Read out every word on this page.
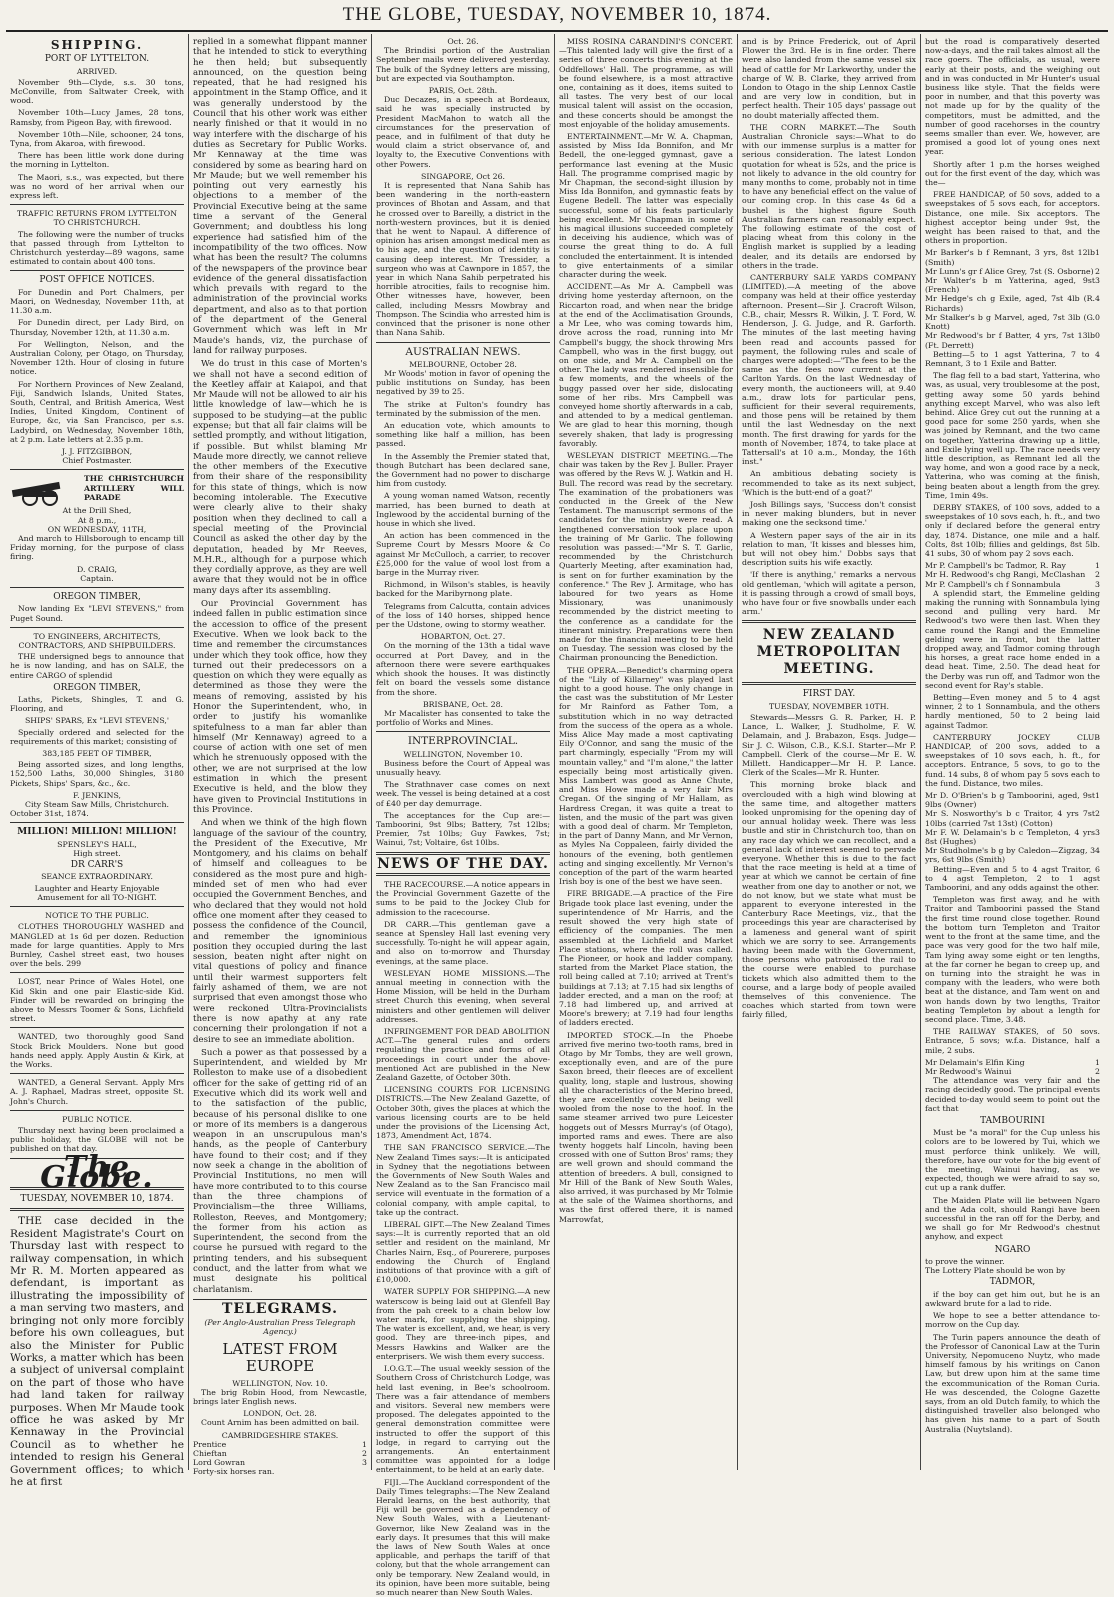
THE GLOBE, TUESDAY, NOVEMBER 10, 1874.
SHIPPING.
PORT OF LYTTELTON.
ARRIVED.

November 9th—Clyde, s.s. 30 tons, McConville, from Saltwater Creek, with wood.

November 10th—Lucy James, 28 tons, Ramsby, from Pigeon Bay, with firewood.

November 10th—Nile, schooner, 24 tons, Tyna, from Akaroa, with firewood.

There has been little work done during the morning in Lyttelton.

The Maori, s.s., was expected, but there was no word of her arrival when our express left.

TRAFFIC RETURNS FROM LYTTELTON TO CHRISTCHURCH.

The following were the number of trucks that passed through from Lyttelton to Christchurch yesterday—89 wagons, same estimated to contain about 400 tons.

POST OFFICE NOTICES.

For Dunedin and Port Chalmers, per Maori, on Wednesday, November 11th, at 11.30 a.m.

For Dunedin direct, per Lady Bird, on Thursday, November 12th, at 11.30 a.m.

For Wellington, Nelson, and the Australian Colony, per Otago, on Thursday, November 12th. Hour of closing in future notice.

For Northern Provinces of New Zealand, Fiji, Sandwich Islands, United States, South, Central, and British America, West Indies, United Kingdom, Continent of Europe, &c, via San Francisco, per s.s. Ladybird, on Wednesday, November 18th, at 2 p.m. Late letters at 2.35 p.m.

J. J. FITZGIBBON,
Chief Postmaster.
THE CHRISTCHURCH ARTILLERY WILL PARADE
At the Drill Shed,
At 8 p.m.,
ON WEDNESDAY, 11TH,

And march to Hillsborough to encamp till Friday morning, for the purpose of class firing.

D. CRAIG,
Captain.
OREGON TIMBER,

Now landing Ex "LEVI STEVENS," from Puget Sound.

TO ENGINEERS, ARCHITECTS, CONTRACTORS, AND SHIPBUILDERS.

THE undersigned begs to announce that he is now landing, and has on SALE, the entire CARGO of splendid

OREGON TIMBER,

Laths, Pickets, Shingles, T. and G. Flooring, and

SHIPS' SPARS, Ex "LEVI STEVENS,'

Specially ordered and selected for the requirements of this market; consisting of

383,185 FEET OF TIMBER,

Being assorted sizes, and long lengths, 152,500 Laths, 30,000 Shingles, 3180 Pickets, Ships' Spars, &c., &c.

F. JENKINS,
City Steam Saw Mills, Christchurch.
October 31st, 1874.
MILLION! MILLION! MILLION!
SPENSLEY'S HALL,
High street.
DR CARR'S
SEANCE EXTRAORDINARY.
Laughter and Hearty Enjoyable Amusement for all TO-NIGHT.
NOTICE TO THE PUBLIC.

CLOTHES THOROUGHLY WASHED and MANGLED at 1s 6d per dozen. Reduction made for large quantities. Apply to Mrs Burnley, Cashel street east, two houses over the bels. 299

LOST, near Prince of Wales Hotel, one Kid Skin and one pair Elastic-side Kid. Finder will be rewarded on bringing the above to Messrs Toomer & Sons, Lichfield street.

WANTED, two thoroughly good Sand Stock Brick Moulders. None but good hands need apply. Apply Austin & Kirk, at the Works.

WANTED, a General Servant. Apply Mrs A. J. Raphael, Madras street, opposite St. John's Church.

PUBLIC NOTICE.

Thursday next having been proclaimed a public holiday, the GLOBE will not be published on that day.

The Globe.
TUESDAY, NOVEMBER 10, 1874.

THE case decided in the Resident Magistrate's Court on Thursday last with respect to railway compensation, in which Mr R. M. Morten appeared as defendant, is important as illustrating the impossibility of a man serving two masters, and bringing not only more forcibly before his own colleagues, but also the Minister for Public Works, a matter which has been a subject of universal complaint on the part of those who have had land taken for railway purposes. When Mr Maude took office he was asked by Mr Kennaway in the Provincial Council as to whether he intended to resign his General Government offices; to which he at first

replied in a somewhat flippant manner that he intended to stick to everything he then held; but subsequently announced, on the question being repeated, that he had resigned his appointment in the Stamp Office, and it was generally understood by the Council that his other work was either nearly finished or that it would in no way interfere with the discharge of his duties as Secretary for Public Works. Mr Kennaway at the time was considered by some as bearing hard on Mr Maude; but we well remember his pointing out very earnestly his objections to a member of the Provincial Executive being at the same time a servant of the General Government; and doubtless his long experience had satisfied him of the incompatibility of the two offices. Now what has been the result? The columns of the newspapers of the province bear evidence of the general dissatisfaction which prevails with regard to the administration of the provincial works department, and also as to that portion of the department of the General Government which was left in Mr Maude's hands, viz, the purchase of land for railway purposes.

We do trust in this case of Morten's we shall not have a second edition of the Keetley affair at Kaiapoi, and that Mr Maude will not be allowed to air his little knowledge of law—which he is supposed to be studying—at the public expense; but that all fair claims will be settled promptly, and without litigation, if possible. But whilst blaming Mr Maude more directly, we cannot relieve the other members of the Executive from their share of the responsibility for this state of things, which is now becoming intolerable. The Executive were clearly alive to their shaky position when they declined to call a special meeting of the Provincial Council as asked the other day by the deputation, headed by Mr Reeves, M.H.R., although for a purpose which they cordially approve, as they are well aware that they would not be in office many days after its assembling.

Our Provincial Government has indeed fallen in public estimation since the accession to office of the present Executive. When we look back to the time and remember the circumstances under which they took office, how they turned out their predecessors on a question on which they were equally as determined as those they were the means of removing, assisted by his Honor the Superintendent, who, in order to justify his womanlike spitefulness to a man far abler than himself (Mr Kennaway) agreed to a course of action with one set of men which he strenuously opposed with the other, we are not surprised at the low estimation in which the present Executive is held, and the blow they have given to Provincial Institutions in this Province.

And when we think of the high flown language of the saviour of the country, the President of the Executive, Mr Montgomery, and his claims on behalf of himself and colleagues to be considered as the most pure and high-minded set of men who had ever occupied the Government Benches, and who declared that they would not hold office one moment after they ceased to possess the confidence of the Council, and remember the ignominious position they occupied during the last session, beaten night after night on vital questions of policy and finance until their warmest supporters felt fairly ashamed of them, we are not surprised that even amongst those who were reckoned Ultra-Provincialists there is now apathy at any rate concerning their prolongation if not a desire to see an immediate abolition.

Such a power as that possessed by a Superintendent, and wielded by Mr Rolleston to make use of a disobedient officer for the sake of getting rid of an Executive which did its work well and to the satisfaction of the public, because of his personal dislike to one or more of its members is a dangerous weapon in an unscrupulous man's hands, as the people of Canterbury have found to their cost; and if they now seek a change in the abolition of Provincial Institutions, no men will have more contributed to to this course than the three champions of Provincialism—the three Williams, Rolleston, Reeves, and Montgomery; the former from his action as Superintendent, the second from the course he pursued with regard to the printing tenders, and his subsequent conduct, and the latter from what we must designate his political charlatanism.

TELEGRAMS.
(Per Anglo-Australian Press Telegraph Agency.)
LATEST FROM EUROPE
WELLINGTON, Nov. 10.

The brig Robin Hood, from Newcastle, brings later English news.

LONDON, Oct. 28.

Count Arnim has been admitted on bail.

CAMBRIDGESHIRE STAKES.
Prentice	1
Chieftan	2
Lord Gowran	3
Forty-six horses ran.
Oct. 26.

The Brindisi portion of the Australian September mails were delivered yesterday. The bulk of the Sydney letters are missing, but are expected via Southampton.

PARIS, Oct. 28th.

Duc Decazes, in a speech at Bordeaux, said he was specially instructed by President MacMahon to watch all the circumstances for the preservation of peace, and in fulfilment of that duty he would claim a strict observance of, and loyalty to, the Executive Conventions with other Powers.

SINGAPORE, Oct 26.

It is represented that Nana Sahib has been wandering in the north-eastern provinces of Bhotan and Assam, and that he crossed over to Bareilly, a district in the north-western provinces, but it is denied that he went to Napaul. A difference of opinion has arisen amongst medical men as to his age, and the question of identity is causing deep interest. Mr Tressider, a surgeon who was at Cawnpore in 1857, the year in which Nana Sahib perpetrated his horrible atrocities, fails to recognise him. Other witnesses have, however, been called, including Messrs Mowbray and Thompson. The Scindia who arrested him is convinced that the prisoner is none other than Nana Sahib.

AUSTRALIAN NEWS.
MELBOURNE, October 28.

Mr Woods' motion in favor of opening the public institutions on Sunday, has been negatived by 39 to 25.

The strike at Fulton's foundry has terminated by the submission of the men.

An education vote, which amounts to something like half a million, has been passed.

In the Assembly the Premier stated that, though Butchart has been declared sane, the Government had no power to discharge him from custody.

A young woman named Watson, recently married, has been burned to death at Inglewood by the accidental burning of the house in which she lived.

An action has been commenced in the Supreme Court by Messrs Moore & Co against Mr McCulloch, a carrier, to recover £25,000 for the value of wool lost from a barge in the Murray river.

Richmond, in Wilson's stables, is heavily backed for the Maribyrnong plate.

Telegrams from Calcutta, contain advices of the loss of 140 horses, shipped hence per the Udstone, owing to stormy weather.

HOBARTON, Oct. 27.

On the morning of the 13th a tidal wave occurred at Port Davey, and in the afternoon there were severe earthquakes which shook the houses. It was distinctly felt on board the vessels some distance from the shore.

BRISBANE, Oct. 28.

Mr Macalister has consented to take the portfolio of Works and Mines.

INTERPROVINCIAL.
WELLINGTON, November 10.

Business before the Court of Appeal was unusually heavy.

The Strathnaver case comes on next week. The vessel is being detained at a cost of £40 per day demurrage.

The acceptances for the Cup are:—Tamboorini, 9st 9lbs; Battery, 7st 12lbs; Premier, 7st 10lbs; Guy Fawkes, 7st; Wainui, 7st; Voltaire, 6st 10lbs.

NEWS OF THE DAY.

THE RACECOURSE.—A notice appears in the Provincial Government Gazette of the sums to be paid to the Jockey Club for admission to the racecourse.

DR CARR.—This gentleman gave a seance at Spensley Hall last evening very successfully. To-night he will appear again, and also on to-morrow and Thursday evenings, at the same place.

WESLEYAN HOME MISSIONS.—The annual meeting in connection with the Home Mission, will be held in the Durham street Church this evening, when several ministers and other gentlemen will deliver addresses.

INFRINGEMENT FOR DEAD ABOLITION ACT.—The general rules and orders regulating the practice and forms of all proceedings in court under the above-mentioned Act are published in the New Zealand Gazette, of October 30th.

LICENSING COURTS FOR LICENSING DISTRICTS.—The New Zealand Gazette, of October 30th, gives the places at which the various licensing courts are to be held under the provisions of the Licensing Act, 1873, Amendment Act, 1874.

THE SAN FRANCISCO SERVICE.—The New Zealand Times says:—It is anticipated in Sydney that the negotiations between the Governments of New South Wales and New Zealand as to the San Francisco mail service will eventuate in the formation of a colonial company, with ample capital, to take up the contract.

LIBERAL GIFT.—The New Zealand Times says:—It is currently reported that an old settler and resident on the mainland, Mr Charles Nairn, Esq., of Pourerere, purposes endowing the Church of England institutions of that province with a gift of £10,000.

WATER SUPPLY FOR SHIPPING.—A new waterscow is being laid out at Glenfell Bay from the pah creek to a chain below low water mark, for supplying the shipping. The water is excellent, and, we hear, is very good. They are three-inch pipes, and Messrs Hawkins and Walker are the enterprisers. We wish them every success.

I.O.G.T.—The usual weekly session of the Southern Cross of Christchurch Lodge, was held last evening, in Bee's schoolroom. There was a fair attendance of members and visitors. Several new members were proposed. The delegates appointed to the general demonstration committee were instructed to offer the support of this lodge, in regard to carrying out the arrangements. An entertainment committee was appointed for a lodge entertainment, to be held at an early date.

FIJI.—The Auckland correspondent of the Daily Times telegraphs:—The New Zealand Herald learns, on the best authority, that Fiji will be governed as a dependency of New South Wales, with a Lieutenant-Governor, like New Zealand was in the early days. It presumes that this will make the laws of New South Wales at once applicable, and perhaps the tariff of that colony, but that the whole arrangement can only be temporary. New Zealand would, in its opinion, have been more suitable, being so much nearer than New South Wales.

MISS ROSINA CARANDINI'S CONCERT.—This talented lady will give the first of a series of three concerts this evening at the Oddfellows' Hall. The programme, as will be found elsewhere, is a most attractive one, containing as it does, items suited to all tastes. The very best of our local musical talent will assist on the occasion, and these concerts should be amongst the most enjoyable of the holiday amusements.

ENTERTAINMENT.—Mr W. A. Chapman, assisted by Miss Ida Bonnifon, and Mr Bedell, the one-legged gymnast, gave a performance last evening at the Music Hall. The programme comprised magic by Mr Chapman, the second-sight illusion by Miss Ida Bonnifon, and gymnastic feats by Eugene Bedell. The latter was especially successful, some of his feats particularly being excellent. Mr Chapman in some of his magical illusions succeeded completely in deceiving his audience, which was of course the great thing to do. A full concluded the entertainment. It is intended to give entertainments of a similar character during the week.

ACCIDENT.—As Mr A. Campbell was driving home yesterday afternoon, on the Riccarton road, and when near the bridge at the end of the Acclimatisation Grounds, a Mr Lee, who was coming towards him, drove across the road, running into Mr Campbell's buggy, the shock throwing Mrs Campbell, who was in the first buggy, out on one side, and Mr A. Campbell on the other. The lady was rendered insensible for a few moments, and the wheels of the buggy passed over her side, dislocating some of her ribs. Mrs Campbell was conveyed home shortly afterwards in a cab, and attended to by a medical gentleman. We are glad to hear this morning, though severely shaken, that lady is progressing favorably.

WESLEYAN DISTRICT MEETING.—The chair was taken by the Rev J. Buller. Prayer was offered by the Revs W. J. Watkin and H. Bull. The record was read by the secretary. The examination of the probationers was conducted in the Greek of the New Testament. The manuscript sermons of the candidates for the ministry were read. A lengthened conversation took place upon the training of Mr Garlic. The following resolution was passed:—"Mr S. T. Garlic, recommended by the Christchurch Quarterly Meeting, after examination had, is sent on for further examination by the conference." The Rev J. Armitage, who has laboured for two years as Home Missionary, was unanimously recommended by the district meeting to the conference as a candidate for the itinerant ministry. Preparations were then made for the financial meeting to be held on Tuesday. The session was closed by the Chairman pronouncing the Benediction.

THE OPERA.—Benedict's charming opera of the "Lily of Killarney" was played last night to a good house. The only change in the cast was the substitution of Mr Lester for Mr Rainford as Father Tom, a substitution which in no way detracted from the success of the opera as a whole. Miss Alice May made a most captivating Eily O'Connor, and sang the music of the part charmingly, especially "From my will mountain valley," and "I'm alone," the latter especially being most artistically given. Miss Lambert was good as Anne Chute, and Miss Howe made a very fair Mrs Cregan. Of the singing of Mr Hallam, as Hardress Cregan, it was quite a treat to listen, and the music of the part was given with a good deal of charm. Mr Templeton, in the part of Danny Mann, and Mr Vernon, as Myles Na Coppaleen, fairly divided the honours of the evening, both gentlemen acting and singing excellently. Mr Vernon's conception of the part of the warm hearted Irish boy is one of the best we have seen.

FIRE BRIGADE.—A practice of the Fire Brigade took place last evening, under the superintendence of Mr Harris, and the result showed the very high state of efficiency of the companies. The men assembled at the Lichfield and Market Place stations, where the roll was called. The Pioneer, or hook and ladder company, started from the Market Place station, the roll being called at 7.10; arrived at Trent's buildings at 7.13; at 7.15 had six lengths of ladder erected, and a man on the roof; at 7.18 had limbered up, and arrived at Moore's brewery; at 7.19 had four lengths of ladders erected.

IMPORTED STOCK.—In the Phoebe arrived five merino two-tooth rams, bred in Otago by Mr Tombs, they are well grown, exceptionally even, and are of the pure Saxon breed, their fleeces are of excellent quality, long, staple and lustrous, showing all the characteristics of the Merino breed, they are excellently covered being well wooled from the nose to the hoof. In the same steamer arrived two pure Leicester hoggets out of Messrs Murray's (of Otago), imported rams and ewes. There are also twenty hoggets half Lincoln, having been crossed with one of Sutton Bros' rams; they are well grown and should command the attention of breeders. A bull, consigned to Mr Hill of the Bank of New South Wales, also arrived, it was purchased by Mr Tolmie at the sale of the Waimea shorthorns, and was the first offered there, it is named Marrowfat,

and is by Prince Frederick, out of April Flower the 3rd. He is in fine order. There were also landed from the same vessel six head of cattle for Mr Larkworthy, under the charge of W. B. Clarke, they arrived from London to Otago in the ship Lennox Castle and are very low in condition, but in perfect health. Their 105 days' passage out no doubt materially affected them.

THE CORN MARKET.—The South Australian Chronicle says:—What to do with our immense surplus is a matter for serious consideration. The latest London quotation for wheat is 52s, and the price is not likely to advance in the old country for many months to come, probably not in time to have any beneficial effect on the value of our coming crop. In this case 4s 6d a bushel is the highest figure South Australian farmers can reasonably expect. The following estimate of the cost of placing wheat from this colony in the English market is supplied by a leading dealer, and its details are endorsed by others in the trade.

CANTERBURY SALE YARDS COMPANY (LIMITED).—A meeting of the above company was held at their office yesterday afternoon. Present—Sir J. Cracroft Wilson, C.B., chair, Messrs R. Wilkin, J. T. Ford, W. Henderson, J. G. Judge, and R. Garforth. The minutes of the last meeting having been read and accounts passed for payment, the following rules and scale of charges were adopted:—"The fees to be the same as the fees now current at the Carlton Yards. On the last Wednesday of every month, the auctioneers will, at 9.40 a.m., draw lots for particular pens, sufficient for their several requirements, and those pens will be retained by them until the last Wednesday on the next month. The first drawing for yards for the month of November, 1874, to take place at Tattersall's at 10 a.m., Monday, the 16th inst."

An ambitious debating society is recommended to take as its next subject, 'Which is the butt-end of a goat?'

Josh Billings says, 'Success don't consist in never making blunders, but in never making one the secksond time.'

A Western paper says of the air in its relation to man, 'It kisses and blesses him, but will not obey him.' Dobbs says that description suits his wife exactly.

'If there is anything,' remarks a nervous old gentleman, 'which will agitate a person, it is passing through a crowd of small boys, who have four or five snowballs under each arm.'

NEW ZEALAND METROPOLITAN MEETING.
FIRST DAY.
TUESDAY, NOVEMBER 10TH.

Stewards—Messrs G. R. Parker, H. P. Lance, L. Walker, J. Studholme, F. W. Delamain, and J. Brabazon, Esqs. Judge—Sir J. C. Wilson, C.B., K.S.I. Starter—Mr P. Campbell. Clerk of the course—Mr E. W. Millett. Handicapper—Mr H. P. Lance. Clerk of the Scales—Mr R. Hunter.

This morning broke black and overclouded with a high wind blowing at the same time, and altogether matters looked unpromising for the opening day of our annual holiday week. There was less bustle and stir in Christchurch too, than on any race day which we can recollect, and a general lack of interest seemed to pervade everyone. Whether this is due to the fact that the race meeting is held at a time of year at which we cannot be certain of fine weather from one day to another or not, we do not know, but we state what must be apparent to everyone interested in the Canterbury Race Meetings, viz., that the proceedings this year are characterised by a lameness and general want of spirit which we are sorry to see. Arrangements having been made with the Government, those persons who patronised the rail to the course were enabled to purchase tickets which also admitted them to the course, and a large body of people availed themselves of this convenience. The coaches which started from town were fairly filled,

but the road is comparatively deserted now-a-days, and the rail takes almost all the race goers. The officials, as usual, were early at their posts, and the weighing out and in was conducted in Mr Hunter's usual business like style. That the fields were poor in number, and that this poverty was not made up for by the quality of the competitors, must be admitted, and the number of good racehorses in the country seems smaller than ever. We, however, are promised a good lot of young ones next year.

Shortly after 1 p.m the horses weighed out for the first event of the day, which was the—

FREE HANDICAP, of 50 sovs, added to a sweepstakes of 5 sovs each, for acceptors. Distance, one mile. Six acceptors. The highest acceptor being under 9st, the weight has been raised to that, and the others in proportion.

Mr Barker's b f Remnant, 3 yrs, 8st 12lb (Smith)
1
Mr Lunn's gr f Alice Grey, 7st (S. Osborne) 2
Mr Walter's b m Yatterina, aged, 9st (French)
3
Mr Hedge's ch g Exile, aged, 7st 4lb (R. Richards)
4
Mr Stalker's b g Marvel, aged, 7st 3lb (G. Knott)
0
Mr Redwood's br f Batter, 4 yrs, 7st 13lb (Ft. Derrett)
0

Betting—5 to 1 agst Yatterina, 7 to 4 Remnant, 3 to 1 Exile and Batter.

The flag fell to a bad start, Yatterina, who was, as usual, very troublesome at the post, getting away some 50 yards behind anything except Marvel, who was also left behind. Alice Grey cut out the running at a good pace for some 250 yards, when she was joined by Remnant, and the two came on together, Yatterina drawing up a little, and Exile lying well up. The race needs very little description, as Remnant led all the way home, and won a good race by a neck, Yatterina, who was coming at the finish, being beaten about a length from the grey. Time, 1min 49s.

DERBY STAKES, of 100 sovs, added to a sweepstakes of 10 sovs each, h. ft., and two only if declared before the general entry day, 1874. Distance, one mile and a half. Colts, 8st 10lb; fillies and geldings, 8st 5lb. 41 subs, 30 of whom pay 2 sovs each.

Mr P. Campbell's bc Tadmor, R. Ray	1
Mr H. Redwood's chg Rangi, McClashan 2
Mr P. Campbell's ch f Sonnambula	3

A splendid start, the Emmeline gelding making the running with Sonnambula lying second and pulling very hard. Mr Redwood's two were then last. When they came round the Rangi and the Emmeline gelding were in front, but the latter dropped away, and Tadmor coming through his horses, a great race home ended in a dead heat. Time, 2.50. The dead heat for the Derby was run off, and Tadmor won the second event for Ray's stable.

Betting—Even money and 5 to 4 agst winner, 2 to 1 Sonnambula, and the others hardly mentioned, 50 to 2 being laid against Tadmor.

CANTERBURY JOCKEY CLUB HANDICAP, of 200 sovs, added to a sweepstakes of 10 sovs each, h. ft., for acceptors. Entrance, 5 sovs, to go to the fund. 14 subs, 8 of whom pay 5 sovs each to the fund. Distance, two miles.

Mr D. O'Brien's b g Tamboorini, aged, 9st 9lbs (Owner)
1
Mr S. Nosworthy's b c Traitor, 4 yrs 7st 10lbs (carried 7st 13st) (Cotton)
2
Mr F. W. Delamain's b c Templeton, 4 yrs 8st (Hughes)
3
Mr Studholme's b g by Caledon—Zigzag, 3 yrs, 6st 9lbs (Smith)
4

Betting—Even and 5 to 4 agst Traitor, 6 to 4 agst Templeton, 2 to 1 agst Tamboorini, and any odds against the other.

Templeton was first away, and he with Traitor and Tamboorini passed the Stand the first time round close together. Round the bottom turn Templeton and Traitor went to the front at the same time, and the pace was very good for the two half mile, Tam lying away some eight or ten lengths, at the far corner he began to creep up, and on turning into the straight he was in company with the leaders, who were both beat at the distance, and Tam went on and won hands down by two lengths, Traitor beating Templeton by about a length for second place. Time, 3.48.

THE RAILWAY STAKES, of 50 sovs. Entrance, 5 sovs; w.f.a. Distance, half a mile, 2 subs.

Mr Delamain's Elfin King	1
Mr Redwood's Wainui	2

The attendance was very fair and the racing decidedly good. The principal events decided to-day would seem to point out the fact that

TAMBOURINI

Must be "a moral" for the Cup unless his colors are to be lowered by Tui, which we must perforce think unlikely. We will, therefore, have our vote for the big event of the meeting, Wainui having, as we expected, though we were afraid to say so, cut up a rank duffer.

The Maiden Plate will lie between Ngaro and the Ada colt, should Rangi have been successful in the ran off for the Derby, and we shall go for Mr Redwood's chestnut anyhow, and expect

NGARO
to prove the winner.
The Lottery Plate should be won by
TADMOR,

if the boy can get him out, but he is an awkward brute for a lad to ride.

We hope to see a better attendance to-morrow on the Cup day.

The Turin papers announce the death of the Professor of Canonical Law at the Turin University, Nepomuceno Nuytz, who made himself famous by his writings on Canon Law, but drew upon him at the same time the excommunication of the Roman Curia. He was descended, the Cologne Gazette says, from an old Dutch family, to which the distinguished traveller also belonged who has given his name to a part of South Australia (Nuytsland).
